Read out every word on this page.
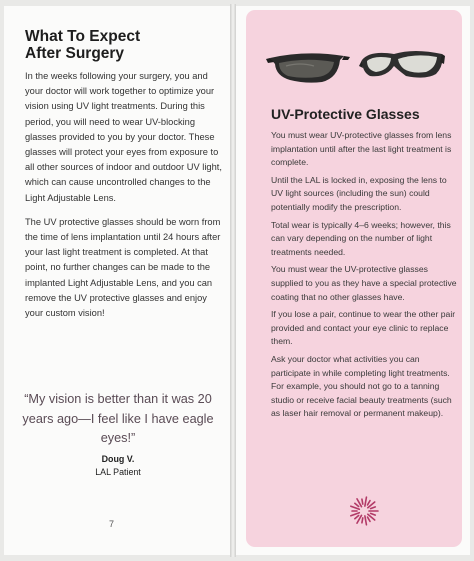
What To Expect
After Surgery

In the weeks following your surgery, you and your doctor will work together to optimize your vision using UV light treatments. During this period, you will need to wear UV-blocking glasses provided to you by your doctor. These glasses will protect your eyes from exposure to all other sources of indoor and outdoor UV light, which can cause uncontrolled changes to the Light Adjustable Lens.

The UV protective glasses should be worn from the time of lens implantation until 24 hours after your last light treatment is completed. At that point, no further changes can be made to the implanted Light Adjustable Lens, and you can remove the UV protective glasses and enjoy your custom vision!

“My vision is better than it was 20 years ago—I feel like I have eagle eyes!”
Doug V.
LAL Patient
7
UV-Protective Glasses

You must wear UV-protective glasses from lens implantation until after the last light treatment is complete.

Until the LAL is locked in, exposing the lens to UV light sources (including the sun) could potentially modify the prescription.

Total wear is typically 4–6 weeks; however, this can vary depending on the number of light treatments needed.

You must wear the UV-protective glasses supplied to you as they have a special protective coating that no other glasses have.

If you lose a pair, continue to wear the other pair provided and contact your eye clinic to replace them.

Ask your doctor what activities you can participate in while completing light treatments. For example, you should not go to a tanning studio or receive facial beauty treatments (such as laser hair removal or permanent makeup).
